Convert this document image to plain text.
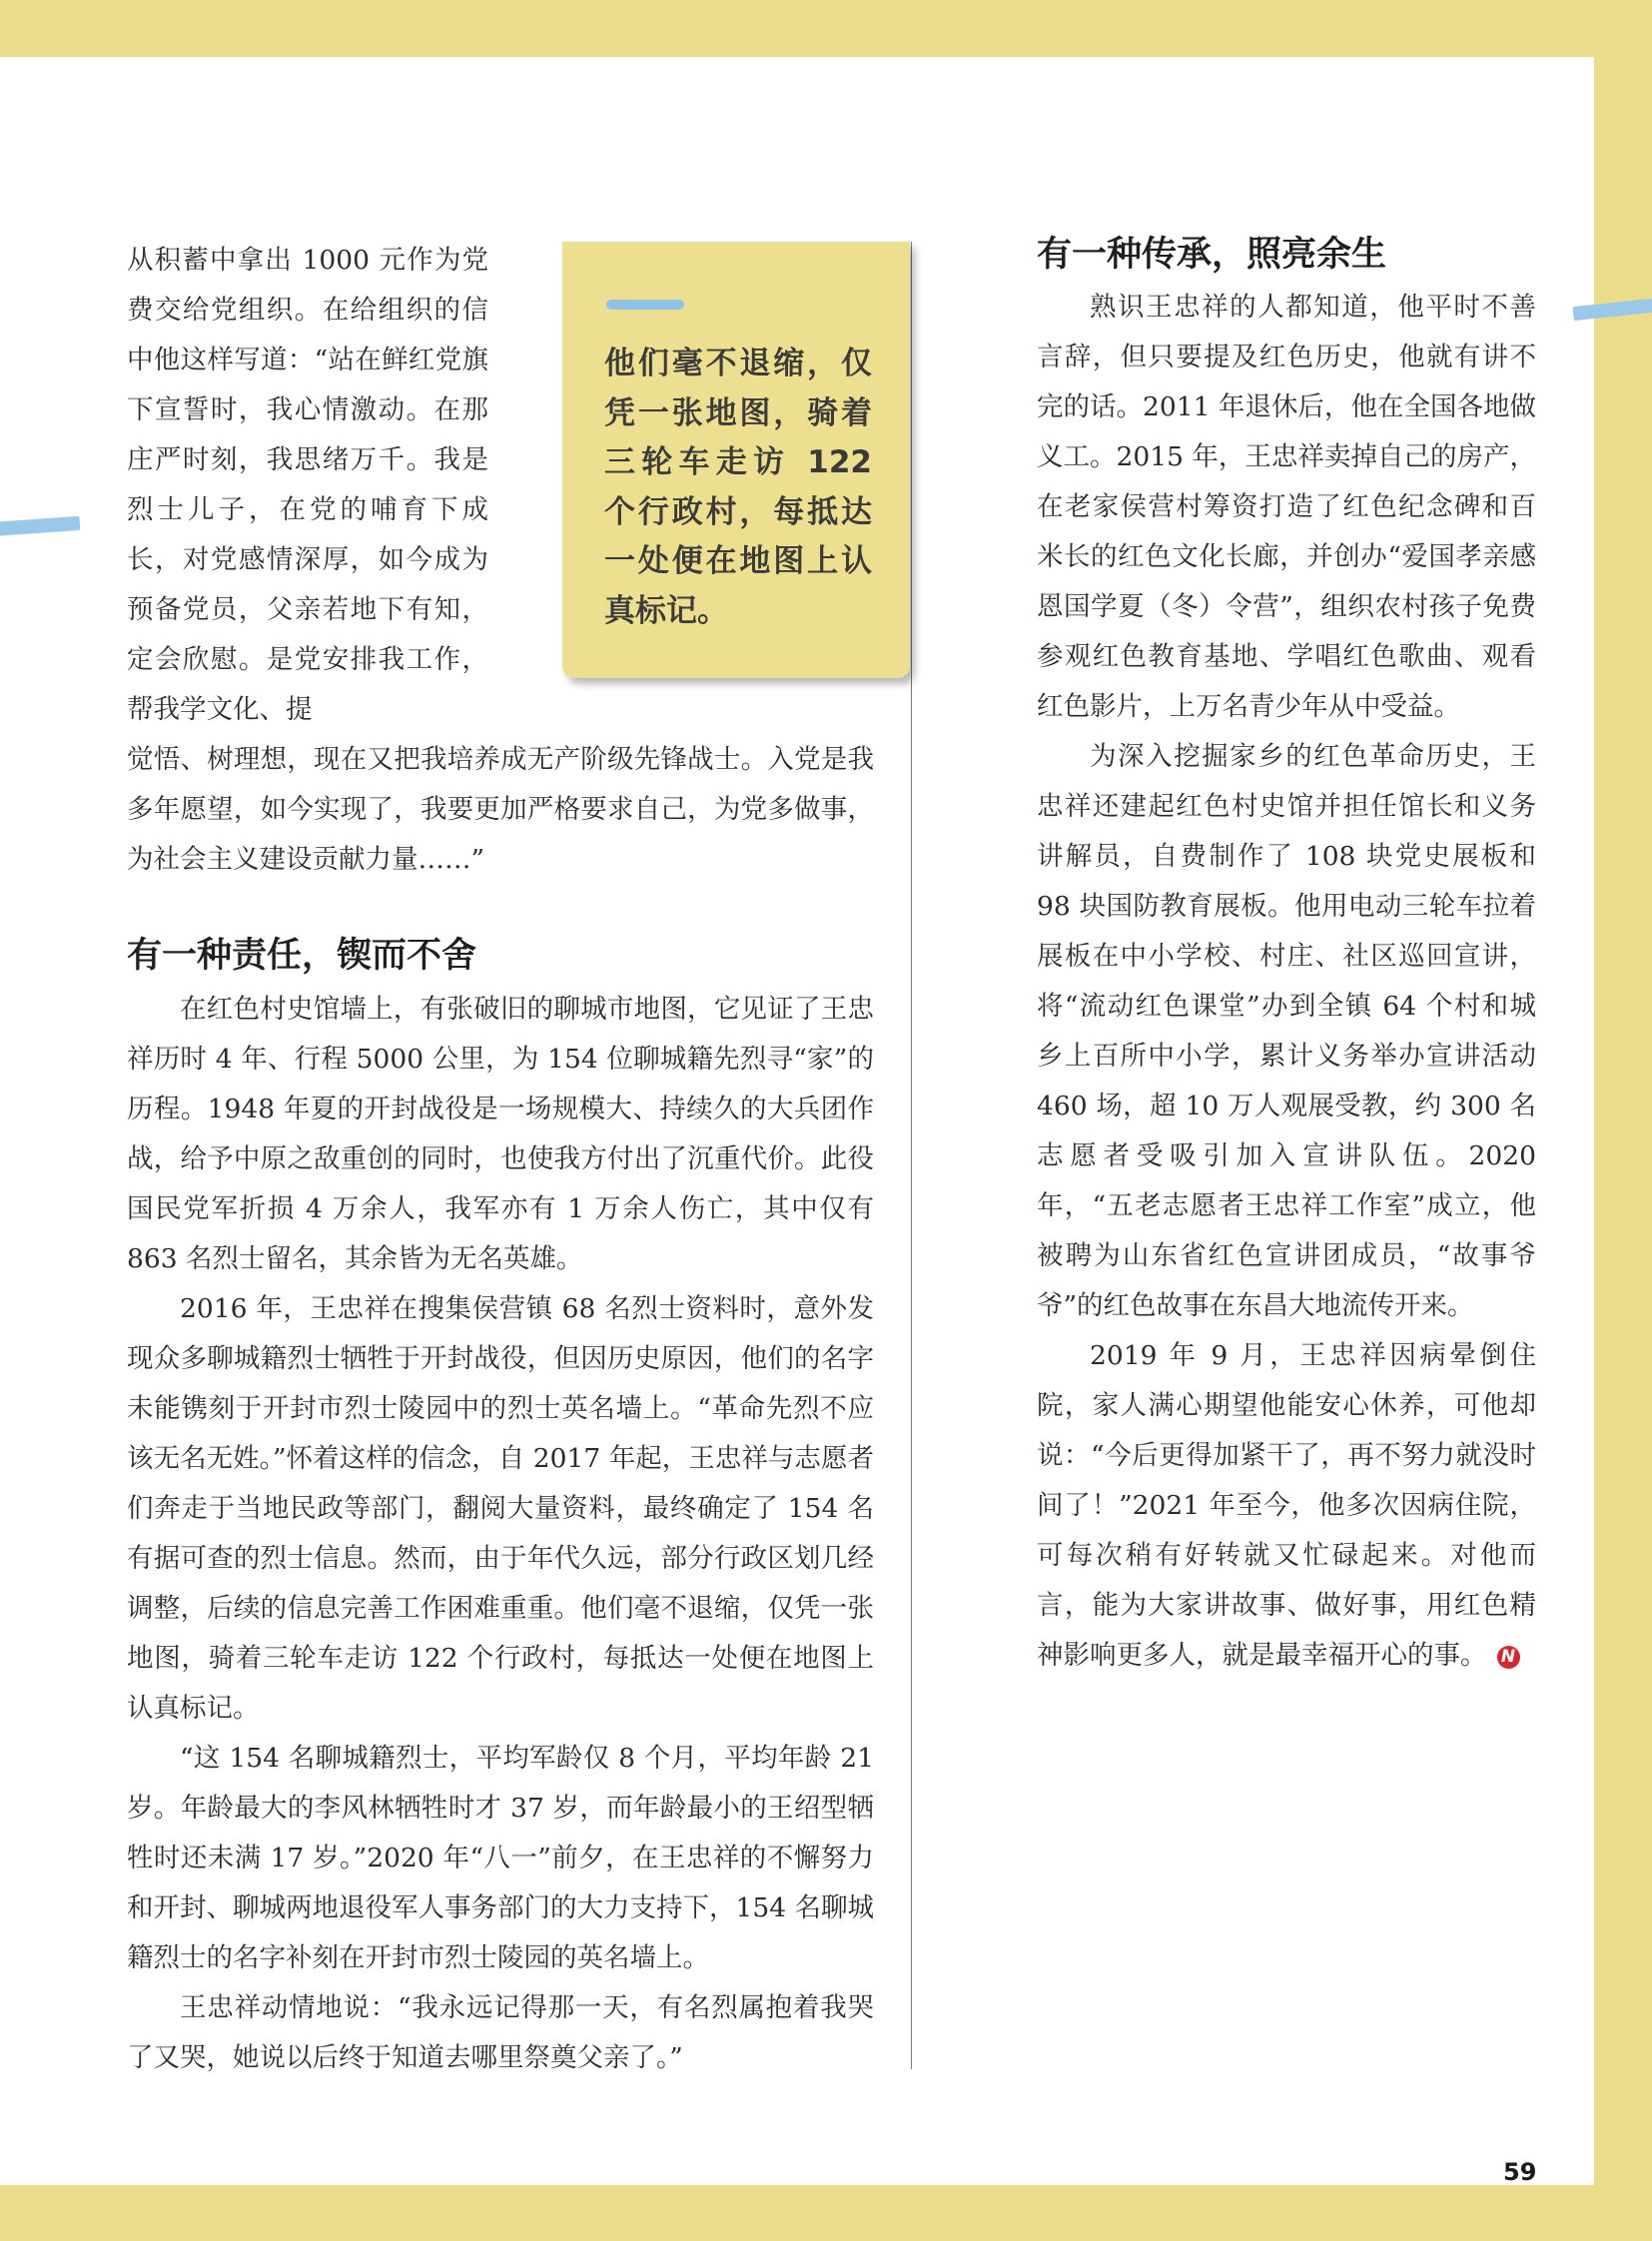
从积蓄中拿出 1000 元作为党费交给党组织。在给组织的信中他这样写道：“站在鲜红党旗下宣誓时，我心情激动。在那庄严时刻，我思绪万千。我是烈士儿子，在党的哺育下成长，对党感情深厚，如今成为预备党员，父亲若地下有知，定会欣慰。是党安排我工作，帮我学文化、提

他们毫不退缩，仅凭一张地图，骑着三轮车走访 122 个行政村，每抵达一处便在地图上认真标记。

觉悟、树理想，现在又把我培养成无产阶级先锋战士。入党是我多年愿望，如今实现了，我要更加严格要求自己，为党多做事，为社会主义建设贡献力量……”

有一种责任，锲而不舍

在红色村史馆墙上，有张破旧的聊城市地图，它见证了王忠祥历时 4 年、行程 5000 公里，为 154 位聊城籍先烈寻“家”的历程。1948 年夏的开封战役是一场规模大、持续久的大兵团作战，给予中原之敌重创的同时，也使我方付出了沉重代价。此役国民党军折损 4 万余人，我军亦有 1 万余人伤亡，其中仅有 863 名烈士留名，其余皆为无名英雄。

2016 年，王忠祥在搜集侯营镇 68 名烈士资料时，意外发现众多聊城籍烈士牺牲于开封战役，但因历史原因，他们的名字未能镌刻于开封市烈士陵园中的烈士英名墙上。“革命先烈不应该无名无姓。”怀着这样的信念，自 2017 年起，王忠祥与志愿者们奔走于当地民政等部门，翻阅大量资料，最终确定了 154 名有据可查的烈士信息。然而，由于年代久远，部分行政区划几经调整，后续的信息完善工作困难重重。他们毫不退缩，仅凭一张地图，骑着三轮车走访 122 个行政村，每抵达一处便在地图上认真标记。

“这 154 名聊城籍烈士，平均军龄仅 8 个月，平均年龄 21 岁。年龄最大的李风林牺牲时才 37 岁，而年龄最小的王绍型牺牲时还未满 17 岁。”2020 年“八一”前夕，在王忠祥的不懈努力和开封、聊城两地退役军人事务部门的大力支持下，154 名聊城籍烈士的名字补刻在开封市烈士陵园的英名墙上。

王忠祥动情地说：“我永远记得那一天，有名烈属抱着我哭了又哭，她说以后终于知道去哪里祭奠父亲了。”

有一种传承，照亮余生

熟识王忠祥的人都知道，他平时不善言辞，但只要提及红色历史，他就有讲不完的话。2011 年退休后，他在全国各地做义工。2015 年，王忠祥卖掉自己的房产，在老家侯营村筹资打造了红色纪念碑和百米长的红色文化长廊，并创办“爱国孝亲感恩国学夏（冬）令营”，组织农村孩子免费参观红色教育基地、学唱红色歌曲、观看红色影片，上万名青少年从中受益。

为深入挖掘家乡的红色革命历史，王忠祥还建起红色村史馆并担任馆长和义务讲解员，自费制作了 108 块党史展板和 98 块国防教育展板。他用电动三轮车拉着展板在中小学校、村庄、社区巡回宣讲，将“流动红色课堂”办到全镇 64 个村和城乡上百所中小学，累计义务举办宣讲活动 460 场，超 10 万人观展受教，约 300 名志愿者受吸引加入宣讲队伍。2020 年，“五老志愿者王忠祥工作室”成立，他被聘为山东省红色宣讲团成员，“故事爷爷”的红色故事在东昌大地流传开来。

2019 年 9 月，王忠祥因病晕倒住院，家人满心期望他能安心休养，可他却说：“今后更得加紧干了，再不努力就没时间了！”2021 年至今，他多次因病住院，可每次稍有好转就又忙碌起来。对他而言，能为大家讲故事、做好事，用红色精神影响更多人，就是最幸福开心的事。 N

59
